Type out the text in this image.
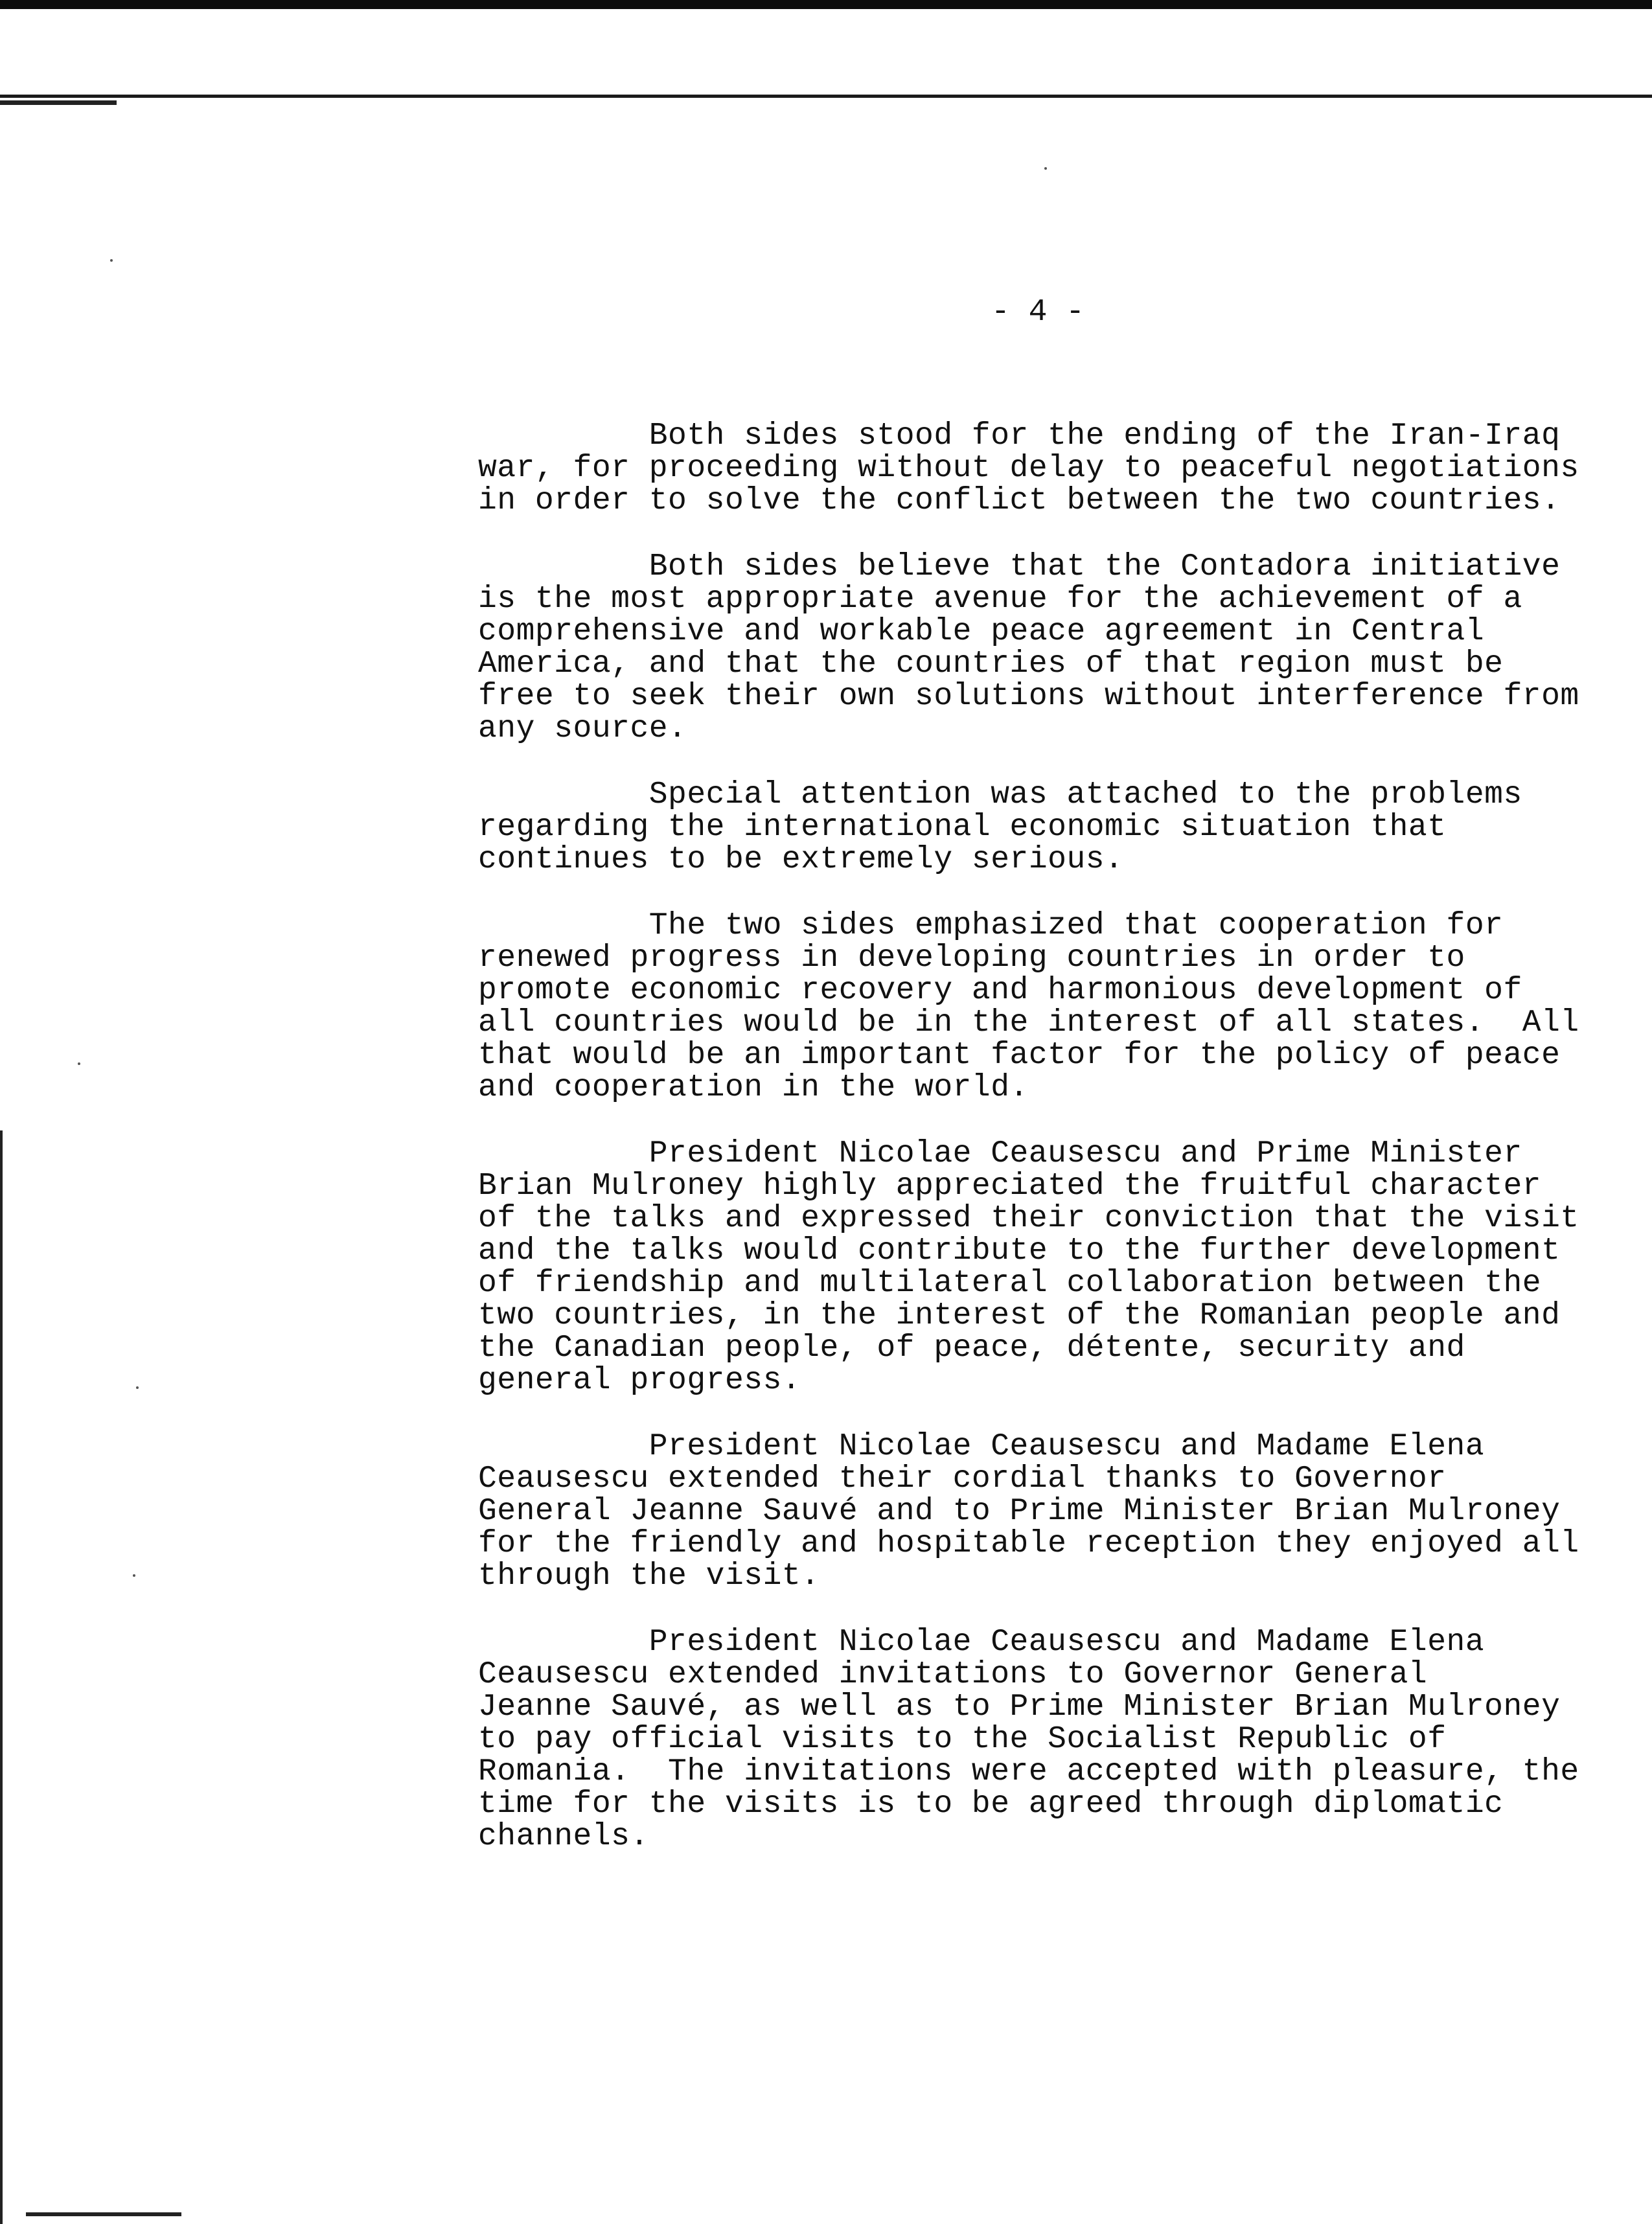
- 4 -

Both sides stood for the ending of the Iran-Iraq
war, for proceeding without delay to peaceful negotiations
in order to solve the conflict between the two countries.

Both sides believe that the Contadora initiative
is the most appropriate avenue for the achievement of a
comprehensive and workable peace agreement in Central
America, and that the countries of that region must be
free to seek their own solutions without interference from
any source.

Special attention was attached to the problems
regarding the international economic situation that
continues to be extremely serious.

The two sides emphasized that cooperation for
renewed progress in developing countries in order to
promote economic recovery and harmonious development of
all countries would be in the interest of all states.  All
that would be an important factor for the policy of peace
and cooperation in the world.

President Nicolae Ceausescu and Prime Minister
Brian Mulroney highly appreciated the fruitful character
of the talks and expressed their conviction that the visit
and the talks would contribute to the further development
of friendship and multilateral collaboration between the
two countries, in the interest of the Romanian people and
the Canadian people, of peace, détente, security and
general progress.

President Nicolae Ceausescu and Madame Elena
Ceausescu extended their cordial thanks to Governor
General Jeanne Sauvé and to Prime Minister Brian Mulroney
for the friendly and hospitable reception they enjoyed all
through the visit.

President Nicolae Ceausescu and Madame Elena
Ceausescu extended invitations to Governor General
Jeanne Sauvé, as well as to Prime Minister Brian Mulroney
to pay official visits to the Socialist Republic of
Romania.  The invitations were accepted with pleasure, the
time for the visits is to be agreed through diplomatic
channels.
